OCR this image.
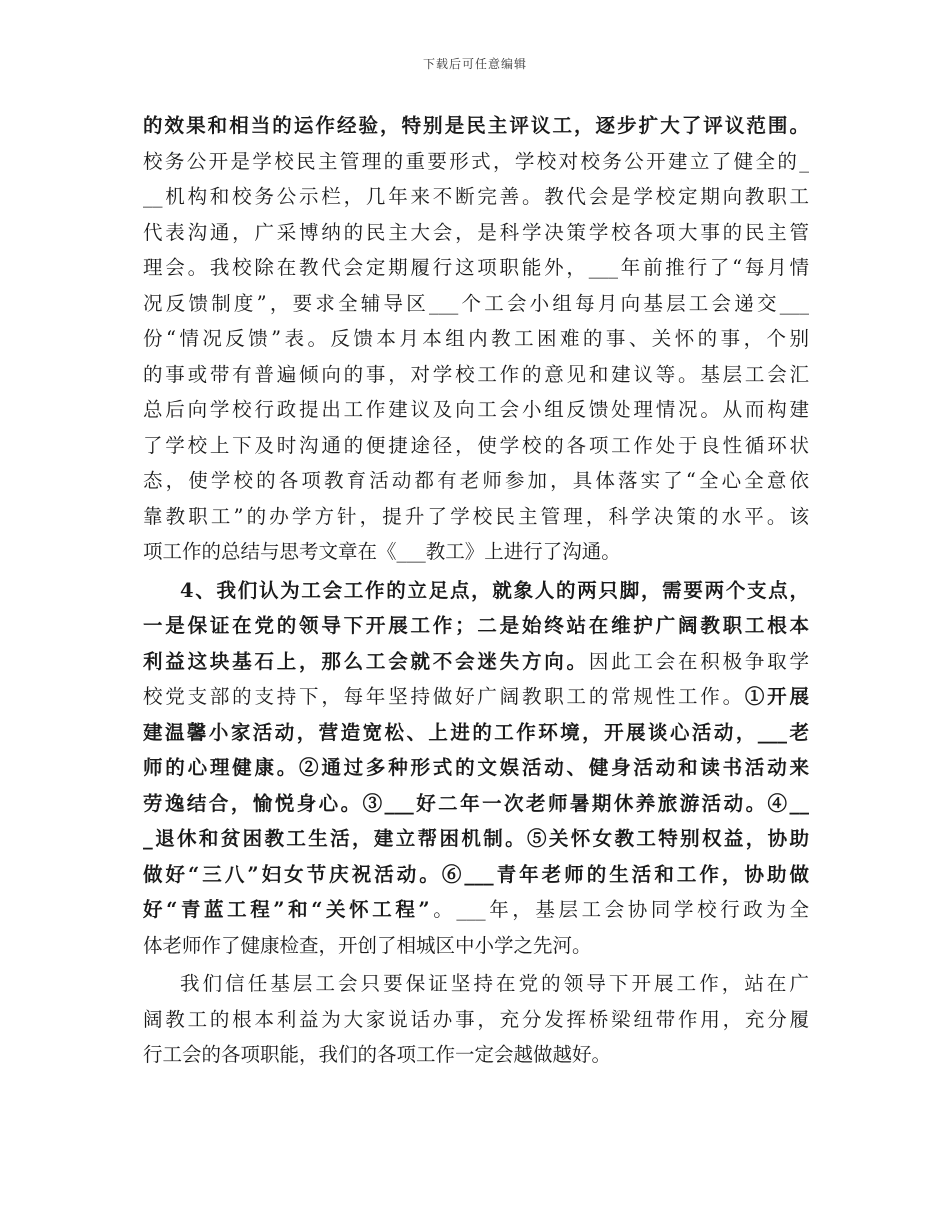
下载后可任意编辑
的效果和相当的运作经验，特别是民主评议工，逐步扩大了评议范围。
校务公开是学校民主管理的重要形式，学校对校务公开建立了健全的_
__机构和校务公示栏，几年来不断完善。教代会是学校定期向教职工
代表沟通，广采博纳的民主大会，是科学决策学校各项大事的民主管
理会。我校除在教代会定期履行这项职能外，___年前推行了“每月情
况反馈制度”，要求全辅导区___个工会小组每月向基层工会递交___
份“情况反馈”表。反馈本月本组内教工困难的事、关怀的事，个别
的事或带有普遍倾向的事，对学校工作的意见和建议等。基层工会汇
总后向学校行政提出工作建议及向工会小组反馈处理情况。从而构建
了学校上下及时沟通的便捷途径，使学校的各项工作处于良性循环状
态，使学校的各项教育活动都有老师参加，具体落实了“全心全意依
靠教职工”的办学方针，提升了学校民主管理，科学决策的水平。该
项工作的总结与思考文章在《___教工》上进行了沟通。
4、我们认为工会工作的立足点，就象人的两只脚，需要两个支点，
一是保证在党的领导下开展工作；二是始终站在维护广阔教职工根本
利益这块基石上，那么工会就不会迷失方向。因此工会在积极争取学
校党支部的支持下，每年坚持做好广阔教职工的常规性工作。①开展
建温馨小家活动，营造宽松、上进的工作环境，开展谈心活动，___老
师的心理健康。②通过多种形式的文娱活动、健身活动和读书活动来
劳逸结合，愉悦身心。③___好二年一次老师暑期休养旅游活动。④__
_退休和贫困教工生活，建立帮困机制。⑤关怀女教工特别权益，协助
做好“三八”妇女节庆祝活动。⑥___青年老师的生活和工作，协助做
好“青蓝工程”和“关怀工程”。___年，基层工会协同学校行政为全
体老师作了健康检查，开创了相城区中小学之先河。
我们信任基层工会只要保证坚持在党的领导下开展工作，站在广
阔教工的根本利益为大家说话办事，充分发挥桥梁纽带作用，充分履
行工会的各项职能，我们的各项工作一定会越做越好。
